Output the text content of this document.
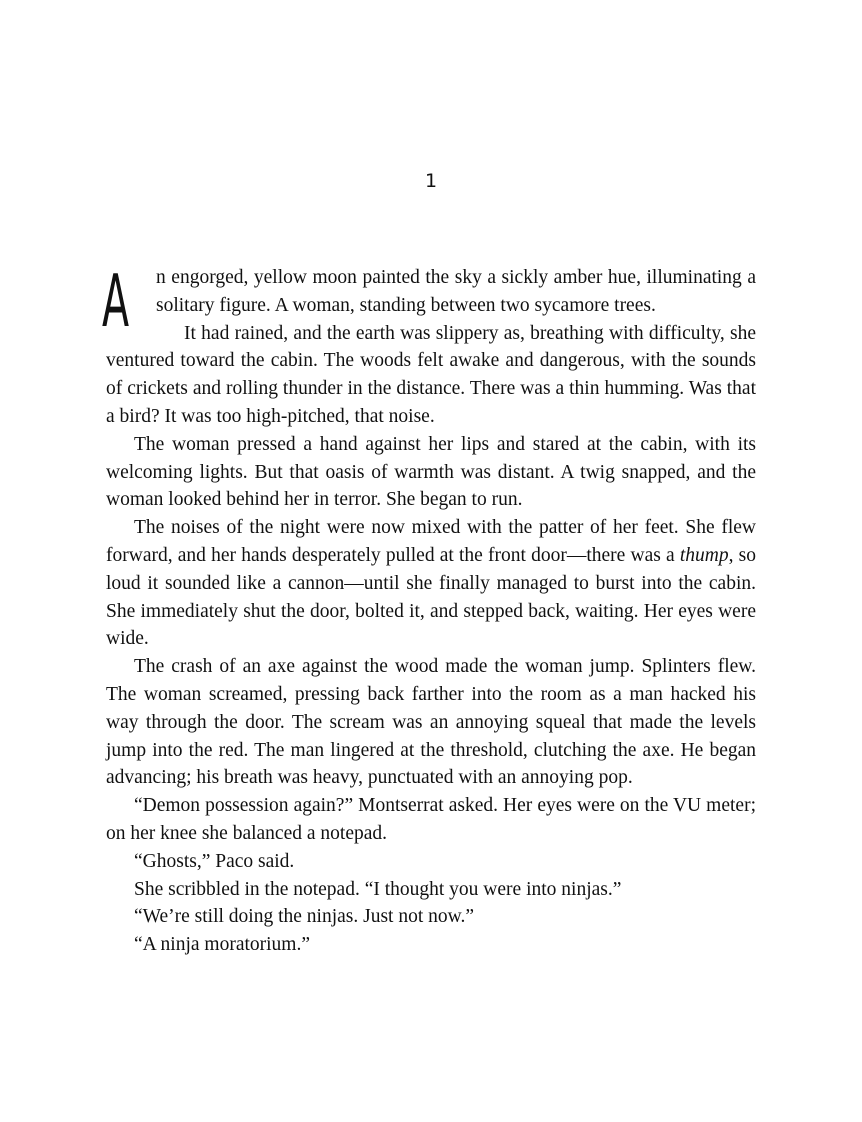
1

A n engorged, yellow moon painted the sky a sickly amber hue, illuminating a solitary figure. A woman, standing between two sycamore trees.

It had rained, and the earth was slippery as, breathing with difficulty, she ventured toward the cabin. The woods felt awake and dangerous, with the sounds of crickets and rolling thunder in the distance. There was a thin humming. Was that a bird? It was too high-pitched, that noise.

The woman pressed a hand against her lips and stared at the cabin, with its welcoming lights. But that oasis of warmth was distant. A twig snapped, and the woman looked behind her in terror. She began to run.

The noises of the night were now mixed with the patter of her feet. She flew forward, and her hands desperately pulled at the front door—there was a thump, so loud it sounded like a cannon—until she finally managed to burst into the cabin. She immediately shut the door, bolted it, and stepped back, waiting. Her eyes were wide.

The crash of an axe against the wood made the woman jump. Splinters flew. The woman screamed, pressing back farther into the room as a man hacked his way through the door. The scream was an annoying squeal that made the levels jump into the red. The man lingered at the threshold, clutching the axe. He began advancing; his breath was heavy, punctuated with an annoying pop.

“Demon possession again?” Montserrat asked. Her eyes were on the VU meter; on her knee she balanced a notepad.

“Ghosts,” Paco said.

She scribbled in the notepad. “I thought you were into ninjas.”

“We’re still doing the ninjas. Just not now.”

“A ninja moratorium.”
